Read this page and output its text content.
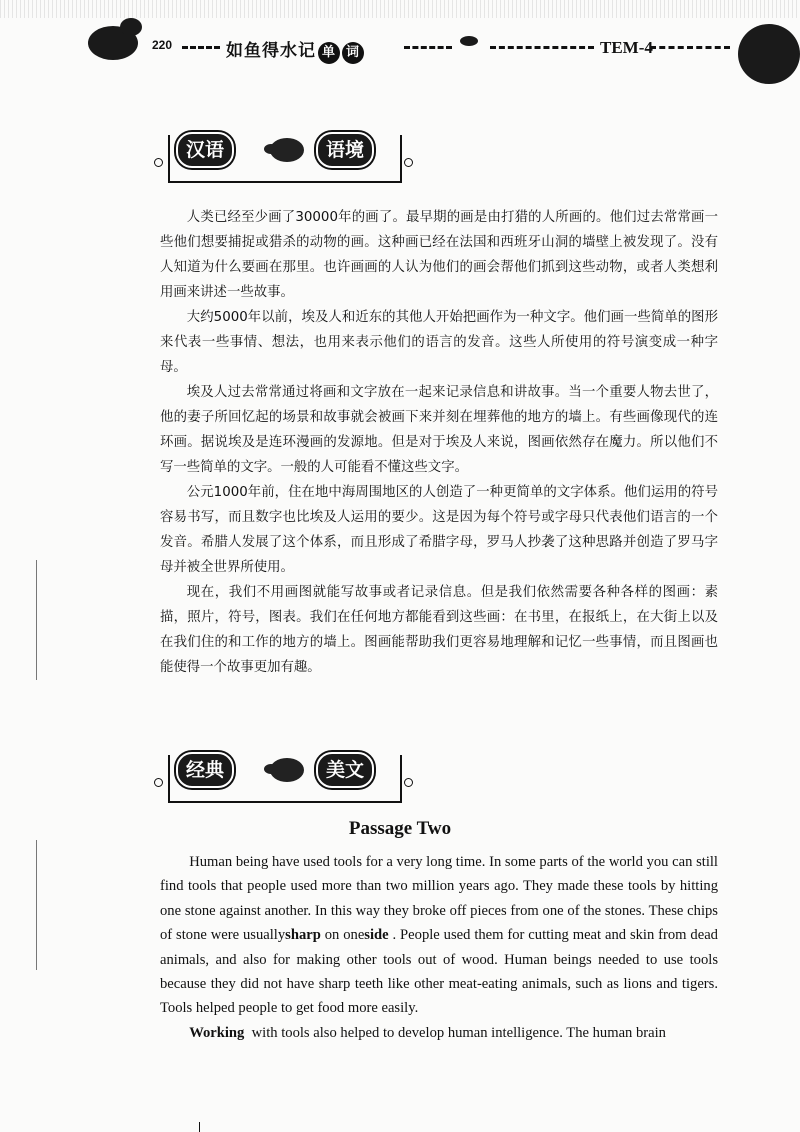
220	如鱼得水记 单 词	TEM-4
汉语	语境

人类已经至少画了30000年的画了。最早期的画是由打猎的人所画的。他们过去常常画一些他们想要捕捉或猎杀的动物的画。这种画已经在法国和西班牙山洞的墙壁上被发现了。没有人知道为什么要画在那里。也许画画的人认为他们的画会帮他们抓到这些动物，或者人类想利用画来讲述一些故事。

大约5000年以前，埃及人和近东的其他人开始把画作为一种文字。他们画一些简单的图形来代表一些事情、想法，也用来表示他们的语言的发音。这些人所使用的符号演变成一种字母。

埃及人过去常常通过将画和文字放在一起来记录信息和讲故事。当一个重要人物去世了，他的妻子所回忆起的场景和故事就会被画下来并刻在埋葬他的地方的墙上。有些画像现代的连环画。据说埃及是连环漫画的发源地。但是对于埃及人来说，图画依然存在魔力。所以他们不写一些简单的文字。一般的人可能看不懂这些文字。

公元1000年前，住在地中海周围地区的人创造了一种更简单的文字体系。他们运用的符号容易书写，而且数字也比埃及人运用的要少。这是因为每个符号或字母只代表他们语言的一个发音。希腊人发展了这个体系，而且形成了希腊字母，罗马人抄袭了这种思路并创造了罗马字母并被全世界所使用。

现在，我们不用画图就能写故事或者记录信息。但是我们依然需要各种各样的图画：素描，照片，符号，图表。我们在任何地方都能看到这些画：在书里，在报纸上，在大街上以及在我们住的和工作的地方的墙上。图画能帮助我们更容易地理解和记忆一些事情，而且图画也能使得一个故事更加有趣。

经典	美文
Passage Two

Human being have used tools for a very long time. In some parts of the world you can still find tools that people used more than two million years ago. They made these tools by hitting one stone against another. In this way they broke off pieces from one of the stones. These chips of stone were usuallysharp on oneside . People used them for cutting meat and skin from dead animals, and also for making other tools out of wood. Human beings needed to use tools because they did not have sharp teeth like other meat-eating animals, such as lions and tigers. Tools helped people to get food more easily.

Working  with tools also helped to develop human intelligence. The human brain
